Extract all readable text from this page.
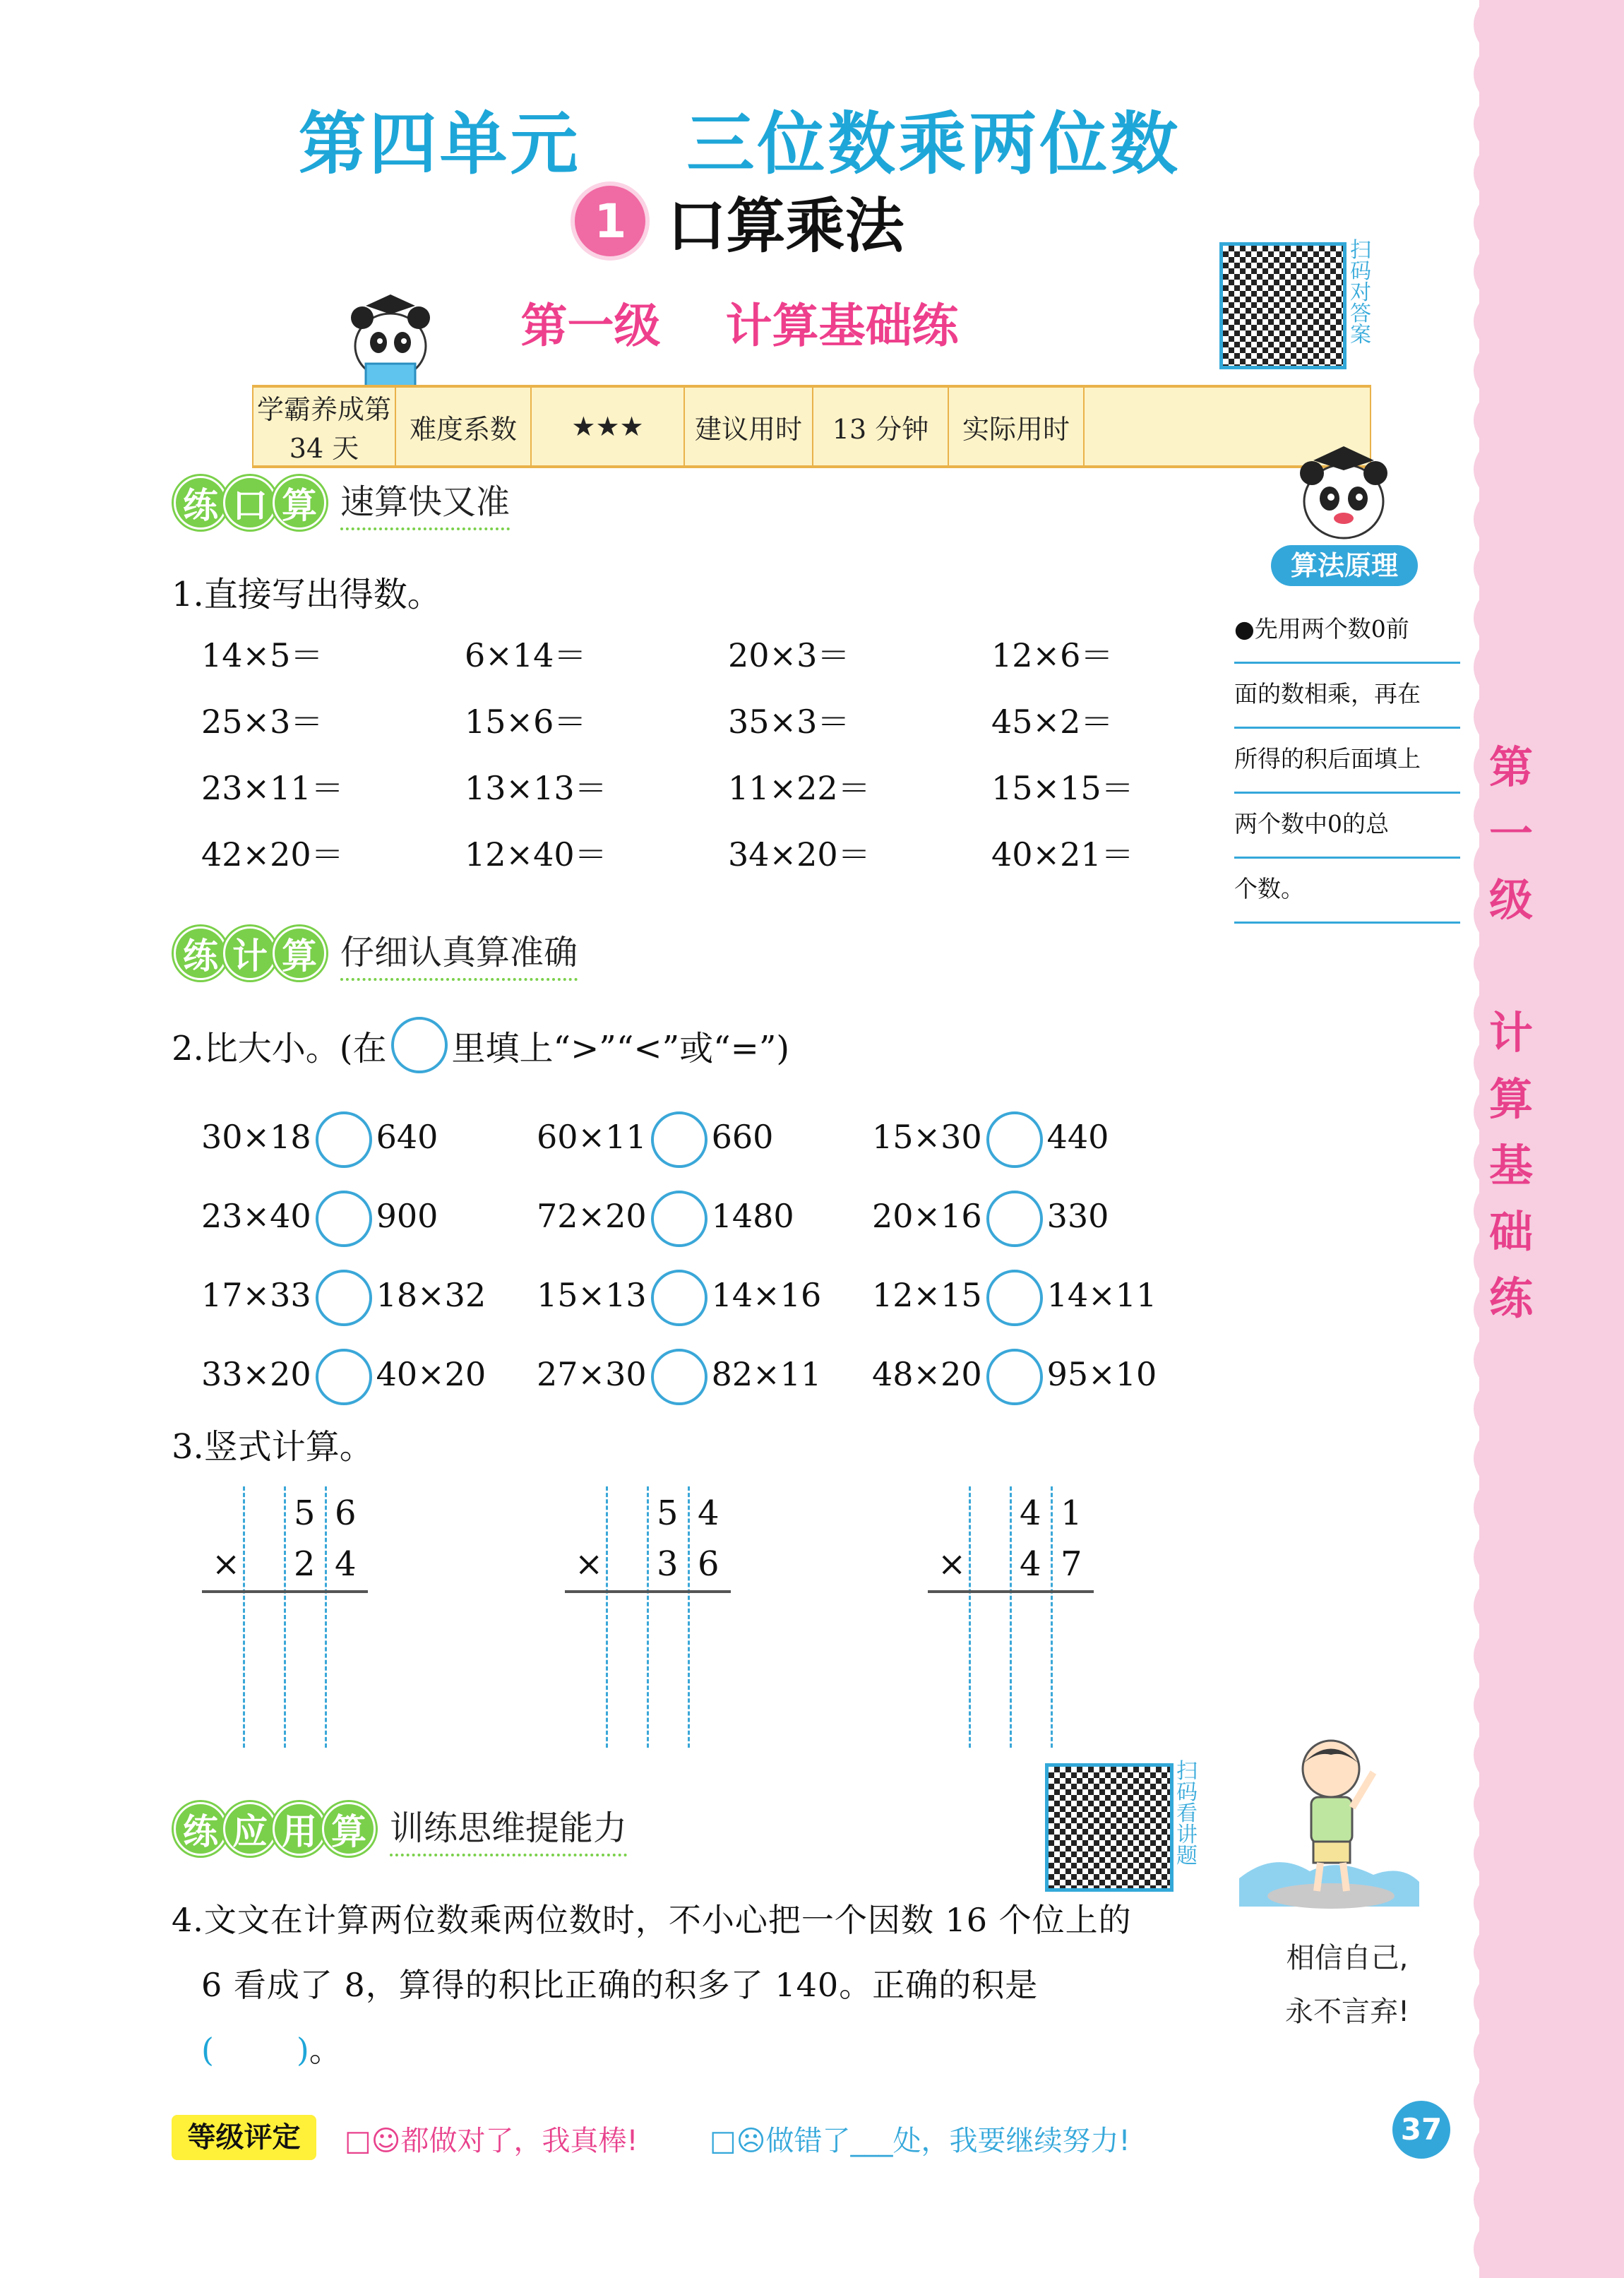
第
一
级
计
算
基
础
练
第四单元    三位数乘两位数
1 口算乘法
第一级    计算基础练
扫码对答案
学霸养成第 34 天	难度系数	★★★	建议用时	13 分钟	实际用时	
算法原理
●先用两个数0前
面的数相乘，再在
所得的积后面填上
两个数中0的总
个数。
练 口 算 速算快又准
1.直接写出得数。
14×5＝	6×14＝	20×3＝	12×6＝
25×3＝	15×6＝	35×3＝	45×2＝
23×11＝	13×13＝	11×22＝	15×15＝
42×20＝	12×40＝	34×20＝	40×21＝
练 计 算 仔细认真算准确
2.比大小。(在 里填上“>”“<”或“=”)
30×18 640	60×11 660	15×30 440
23×40 900	72×20 1480	20×16 330
17×33 18×32	15×13 14×16	12×15 14×11
33×20 40×20	27×30 82×11	48×20 95×10
3.竖式计算。
5 6
× 2 4
5 4
× 3 6
4 1
× 4 7
练 应 用 算 训练思维提能力
扫码看讲题
相信自己,
永不言弃!
4.文文在计算两位数乘两位数时，不小心把一个因数 16 个位上的
6 看成了 8，算得的积比正确的积多了 140。正确的积是
(        )。
等级评定	□☺都做对了，我真棒!	□☹做错了___处，我要继续努力!	37
